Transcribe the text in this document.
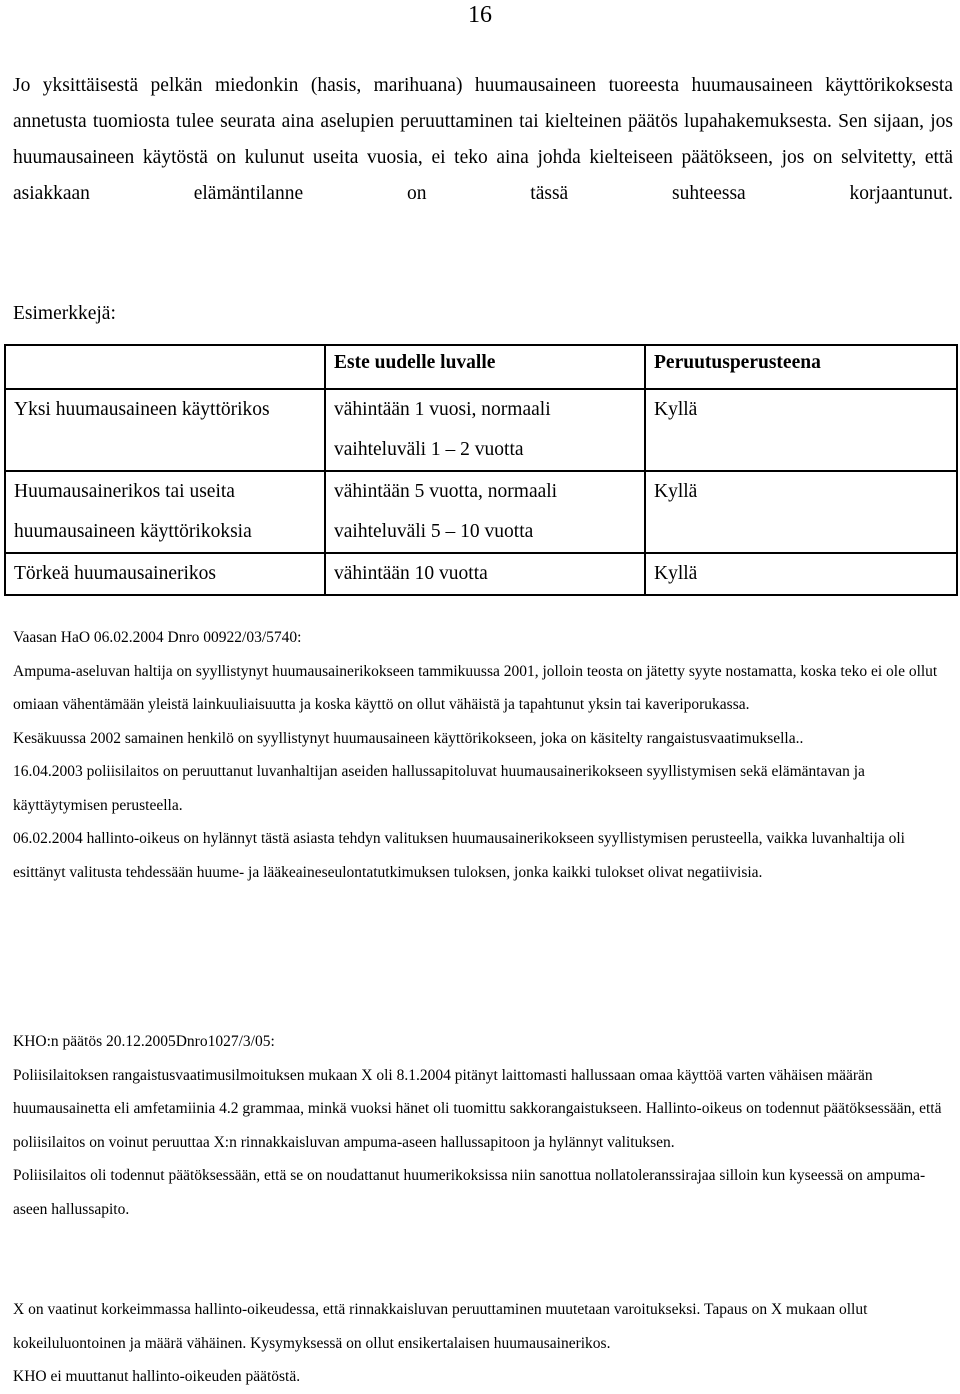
16

Jo yksittäisestä pelkän miedonkin (hasis, marihuana) huumausaineen tuoreesta huumausaineen käyttörikoksesta annetusta tuomiosta tulee seurata aina aselupien peruuttaminen tai kielteinen päätös lupahakemuksesta. Sen sijaan, jos huumausaineen käytöstä on kulunut useita vuosia, ei teko aina johda kielteiseen päätökseen, jos on selvitetty, että asiakkaan elämäntilanne on tässä suhteessa korjaantunut.

Esimerkkejä:

	Este uudelle luvalle	Peruutusperusteena
Yksi huumausaineen käyttörikos	vähintään 1 vuosi, normaali vaihteluväli 1 – 2 vuotta	Kyllä
Huumausainerikos tai useita huumausaineen käyttörikoksia	vähintään 5 vuotta, normaali vaihteluväli 5 – 10 vuotta	Kyllä
Törkeä huumausainerikos	vähintään 10 vuotta	Kyllä

Vaasan HaO 06.02.2004 Dnro 00922/03/5740:

Ampuma-aseluvan haltija on syyllistynyt huumausainerikokseen tammikuussa 2001, jolloin teosta on jätetty syyte nostamatta, koska teko ei ole ollut omiaan vähentämään yleistä lainkuuliaisuutta ja koska käyttö on ollut vähäistä ja tapahtunut yksin tai kaveriporukassa.

Kesäkuussa 2002 samainen henkilö on syyllistynyt huumausaineen käyttörikokseen, joka on käsitelty rangaistusvaatimuksella..

16.04.2003 poliisilaitos on peruuttanut luvanhaltijan aseiden hallussapitoluvat huumausainerikokseen syyllistymisen sekä elämäntavan ja käyttäytymisen perusteella.

06.02.2004 hallinto-oikeus on hylännyt tästä asiasta tehdyn valituksen huumausainerikokseen syyllistymisen perusteella, vaikka luvanhaltija oli esittänyt valitusta tehdessään huume- ja lääkeaineseulontatutkimuksen tuloksen, jonka kaikki tulokset olivat negatiivisia.

KHO:n päätös 20.12.2005Dnro1027/3/05:

Poliisilaitoksen rangaistusvaatimusilmoituksen mukaan X oli 8.1.2004 pitänyt laittomasti hallussaan omaa käyttöä varten vähäisen määrän huumausainetta eli amfetamiinia 4.2 grammaa, minkä vuoksi hänet oli tuomittu sakkorangaistukseen. Hallinto-oikeus on todennut päätöksessään, että poliisilaitos on voinut peruuttaa X:n rinnakkaisluvan ampuma-aseen hallussapitoon ja hylännyt valituksen.

Poliisilaitos oli todennut päätöksessään, että se on noudattanut huumerikoksissa niin sanottua nollatoleranssirajaa silloin kun kyseessä on ampuma-aseen hallussapito.

X on vaatinut korkeimmassa hallinto-oikeudessa, että rinnakkaisluvan peruuttaminen muutetaan varoitukseksi. Tapaus on X mukaan ollut kokeiluluontoinen ja määrä vähäinen. Kysymyksessä on ollut ensikertalaisen huumausainerikos.

KHO ei muuttanut hallinto-oikeuden päätöstä.
